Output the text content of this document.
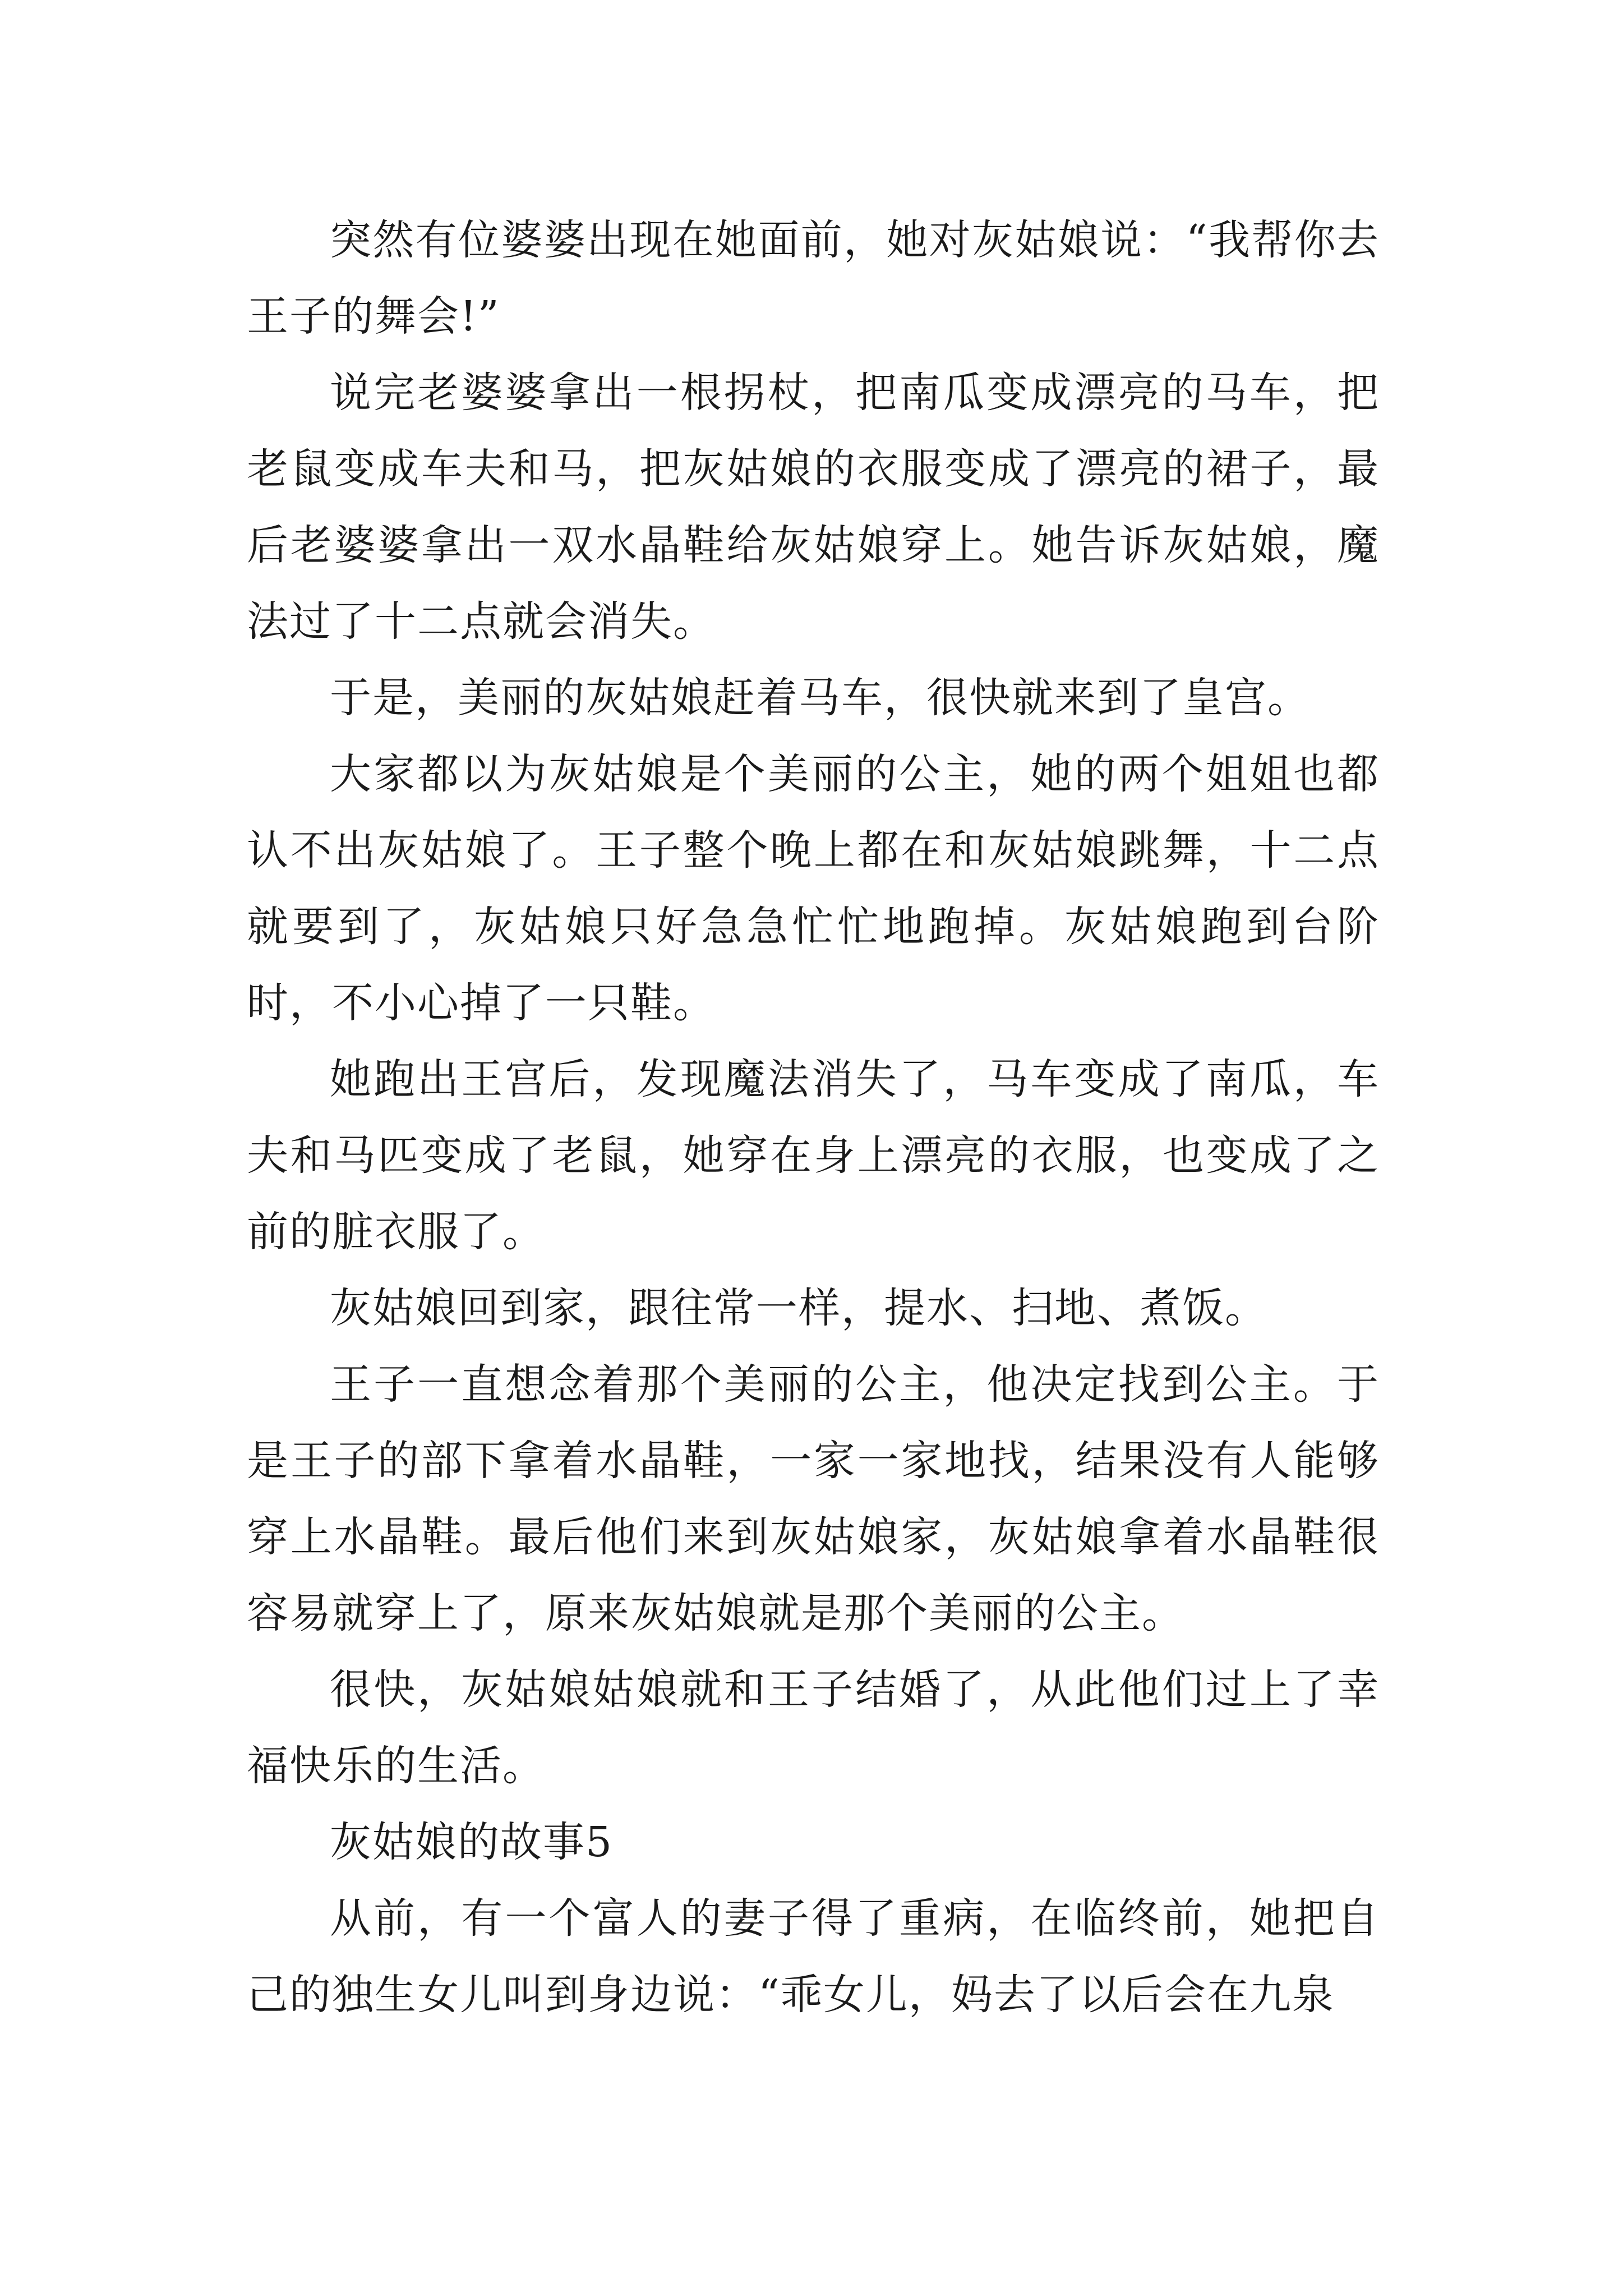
突然有位婆婆出现在她面前，她对灰姑娘说：“我帮你去王子的舞会!”

说完老婆婆拿出一根拐杖，把南瓜变成漂亮的马车，把老鼠变成车夫和马，把灰姑娘的衣服变成了漂亮的裙子，最后老婆婆拿出一双水晶鞋给灰姑娘穿上。她告诉灰姑娘，魔法过了十二点就会消失。

于是，美丽的灰姑娘赶着马车，很快就来到了皇宫。

大家都以为灰姑娘是个美丽的公主，她的两个姐姐也都认不出灰姑娘了。王子整个晚上都在和灰姑娘跳舞，十二点就要到了，灰姑娘只好急急忙忙地跑掉。灰姑娘跑到台阶时，不小心掉了一只鞋。

她跑出王宫后，发现魔法消失了，马车变成了南瓜，车夫和马匹变成了老鼠，她穿在身上漂亮的衣服，也变成了之前的脏衣服了。

灰姑娘回到家，跟往常一样，提水、扫地、煮饭。

王子一直想念着那个美丽的公主，他决定找到公主。于是王子的部下拿着水晶鞋，一家一家地找，结果没有人能够穿上水晶鞋。最后他们来到灰姑娘家，灰姑娘拿着水晶鞋很容易就穿上了，原来灰姑娘就是那个美丽的公主。

很快，灰姑娘姑娘就和王子结婚了，从此他们过上了幸福快乐的生活。

灰姑娘的故事5

从前，有一个富人的妻子得了重病，在临终前，她把自己的独生女儿叫到身边说：“乖女儿，妈去了以后会在九泉
